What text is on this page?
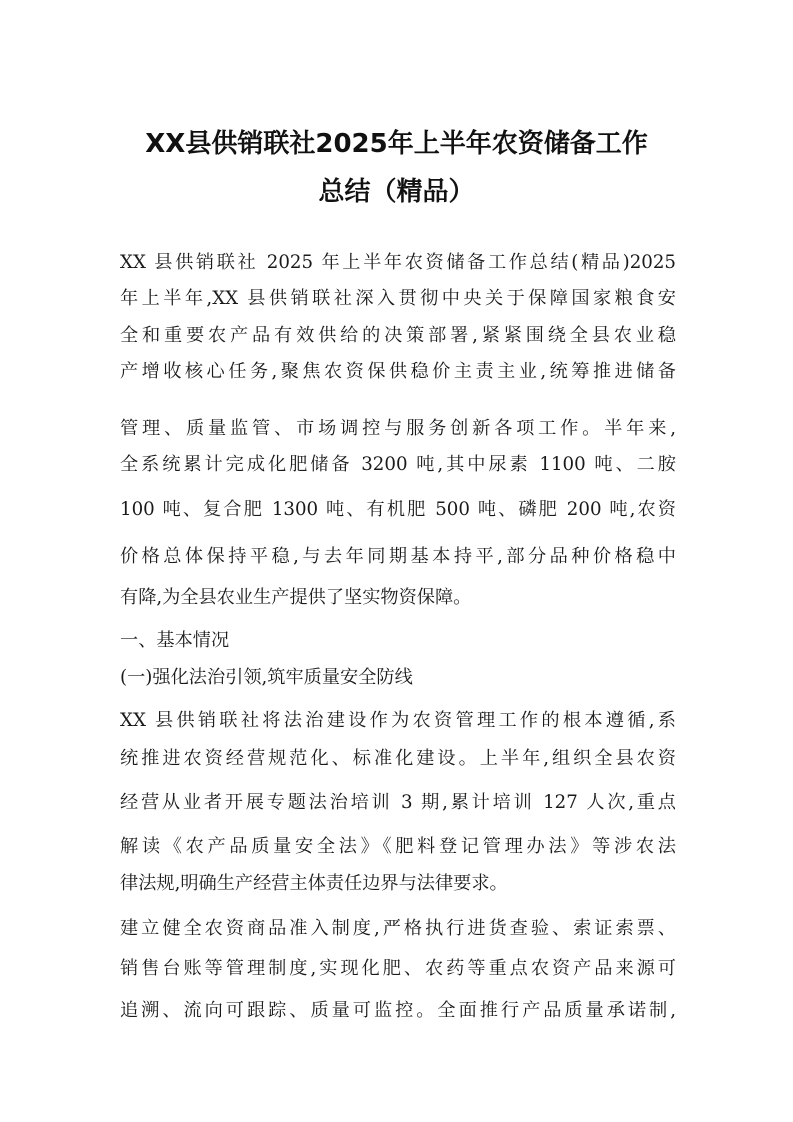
XX县供销联社2025年上半年农资储备工作
总结（精品）
XX 县供销联社 2025 年上半年农资储备工作总结(精品)2025
年上半年,XX 县供销联社深入贯彻中央关于保障国家粮食安
全和重要农产品有效供给的决策部署,紧紧围绕全县农业稳
产增收核心任务,聚焦农资保供稳价主责主业,统筹推进储备
管理、质量监管、市场调控与服务创新各项工作。半年来,
全系统累计完成化肥储备 3200 吨,其中尿素 1100 吨、二胺
100 吨、复合肥 1300 吨、有机肥 500 吨、磷肥 200 吨,农资
价格总体保持平稳,与去年同期基本持平,部分品种价格稳中
有降,为全县农业生产提供了坚实物资保障。
一、基本情况
(一)强化法治引领,筑牢质量安全防线
XX 县供销联社将法治建设作为农资管理工作的根本遵循,系
统推进农资经营规范化、标准化建设。上半年,组织全县农资
经营从业者开展专题法治培训 3 期,累计培训 127 人次,重点
解读《农产品质量安全法》《肥料登记管理办法》等涉农法
律法规,明确生产经营主体责任边界与法律要求。
建立健全农资商品准入制度,严格执行进货查验、索证索票、
销售台账等管理制度,实现化肥、农药等重点农资产品来源可
追溯、流向可跟踪、质量可监控。全面推行产品质量承诺制,
